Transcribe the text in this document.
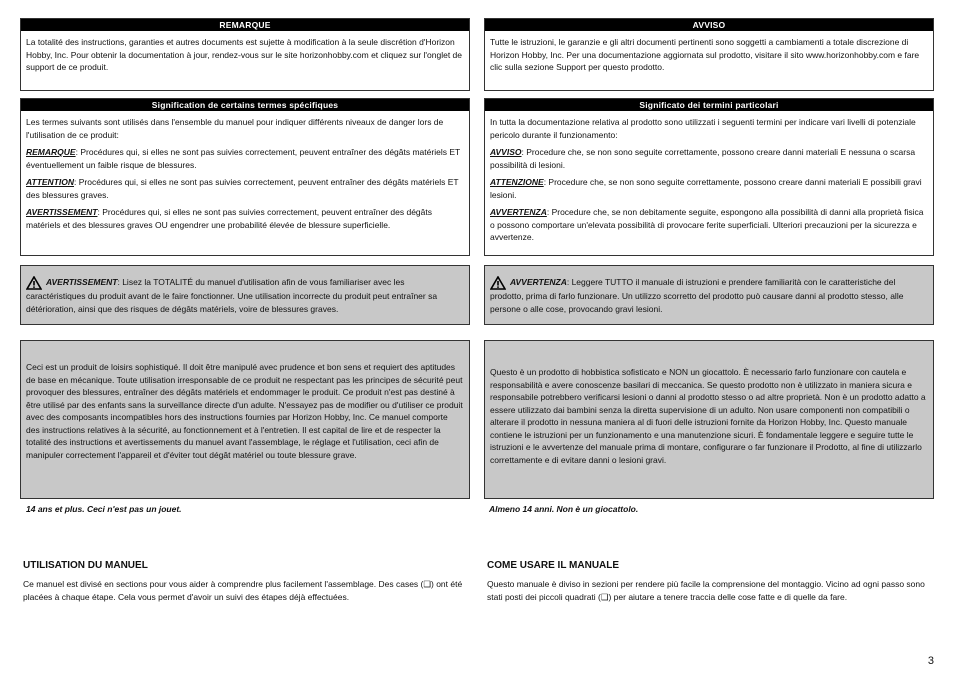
REMARQUE
La totalité des instructions, garanties et autres documents est sujette à modification à la seule discrétion d'Horizon Hobby, Inc. Pour obtenir la documentation à jour, rendez-vous sur le site horizonhobby.com et cliquez sur l'onglet de support de ce produit.
Signification de certains termes spécifiques

Les termes suivants sont utilisés dans l'ensemble du manuel pour indiquer différents niveaux de danger lors de l'utilisation de ce produit:

REMARQUE: Procédures qui, si elles ne sont pas suivies correctement, peuvent entraîner des dégâts matériels ET éventuellement un faible risque de blessures.

ATTENTION: Procédures qui, si elles ne sont pas suivies correctement, peuvent entraîner des dégâts matériels ET des blessures graves.

AVERTISSEMENT: Procédures qui, si elles ne sont pas suivies correctement, peuvent entraîner des dégâts matériels et des blessures graves OU engendrer une probabilité élevée de blessure superficielle.

AVERTISSEMENT: Lisez la TOTALITÉ du manuel d'utilisation afin de vous familiariser avec les caractéristiques du produit avant de le faire fonctionner. Une utilisation incorrecte du produit peut entraîner sa détérioration, ainsi que des risques de dégâts matériels, voire de blessures graves.
Ceci est un produit de loisirs sophistiqué. Il doit être manipulé avec prudence et bon sens et requiert des aptitudes de base en mécanique. Toute utilisation irresponsable de ce produit ne respectant pas les principes de sécurité peut provoquer des blessures, entraîner des dégâts matériels et endommager le produit. Ce produit n'est pas destiné à être utilisé par des enfants sans la surveillance directe d'un adulte. N'essayez pas de modifier ou d'utiliser ce produit avec des composants incompatibles hors des instructions fournies par Horizon Hobby, Inc. Ce manuel comporte des instructions relatives à la sécurité, au fonctionnement et à l'entretien. Il est capital de lire et de respecter la totalité des instructions et avertissements du manuel avant l'assemblage, le réglage et l'utilisation, ceci afin de manipuler correctement l'appareil et d'éviter tout dégât matériel ou toute blessure grave.
14 ans et plus. Ceci n'est pas un jouet.
UTILISATION DU MANUEL
Ce manuel est divisé en sections pour vous aider à comprendre plus facilement l'assemblage. Des cases (❑) ont été placées à chaque étape. Cela vous permet d'avoir un suivi des étapes déjà effectuées.
AVVISO
Tutte le istruzioni, le garanzie e gli altri documenti pertinenti sono soggetti a cambiamenti a totale discrezione di Horizon Hobby, Inc. Per una documentazione aggiornata sul prodotto, visitare il sito www.horizonhobby.com e fare clic sulla sezione Support per questo prodotto.
Significato dei termini particolari

In tutta la documentazione relativa al prodotto sono utilizzati i seguenti termini per indicare vari livelli di potenziale pericolo durante il funzionamento:

AVVISO: Procedure che, se non sono seguite correttamente, possono creare danni materiali E nessuna o scarsa possibilità di lesioni.

ATTENZIONE: Procedure che, se non sono seguite correttamente, possono creare danni materiali E possibili gravi lesioni.

AVVERTENZA: Procedure che, se non debitamente seguite, espongono alla possibilità di danni alla proprietà fisica o possono comportare un'elevata possibilità di provocare ferite superficiali. Ulteriori precauzioni per la sicurezza e avvertenze.

AVVERTENZA: Leggere TUTTO il manuale di istruzioni e prendere familiarità con le caratteristiche del prodotto, prima di farlo funzionare. Un utilizzo scorretto del prodotto può causare danni al prodotto stesso, alle persone o alle cose, provocando gravi lesioni.
Questo è un prodotto di hobbistica sofisticato e NON un giocattolo. È necessario farlo funzionare con cautela e responsabilità e avere conoscenze basilari di meccanica. Se questo prodotto non è utilizzato in maniera sicura e responsabile potrebbero verificarsi lesioni o danni al prodotto stesso o ad altre proprietà. Non è un prodotto adatto a essere utilizzato dai bambini senza la diretta supervisione di un adulto. Non usare componenti non compatibili o alterare il prodotto in nessuna maniera al di fuori delle istruzioni fornite da Horizon Hobby, Inc. Questo manuale contiene le istruzioni per un funzionamento e una manutenzione sicuri. È fondamentale leggere e seguire tutte le istruzioni e le avvertenze del manuale prima di montare, configurare o far funzionare il Prodotto, al fine di utilizzarlo correttamente e di evitare danni o lesioni gravi.
Almeno 14 anni. Non è un giocattolo.
COME USARE IL MANUALE
Questo manuale è diviso in sezioni per rendere più facile la comprensione del montaggio. Vicino ad ogni passo sono stati posti dei piccoli quadrati (❑) per aiutare a tenere traccia delle cose fatte e di quelle da fare.
3
